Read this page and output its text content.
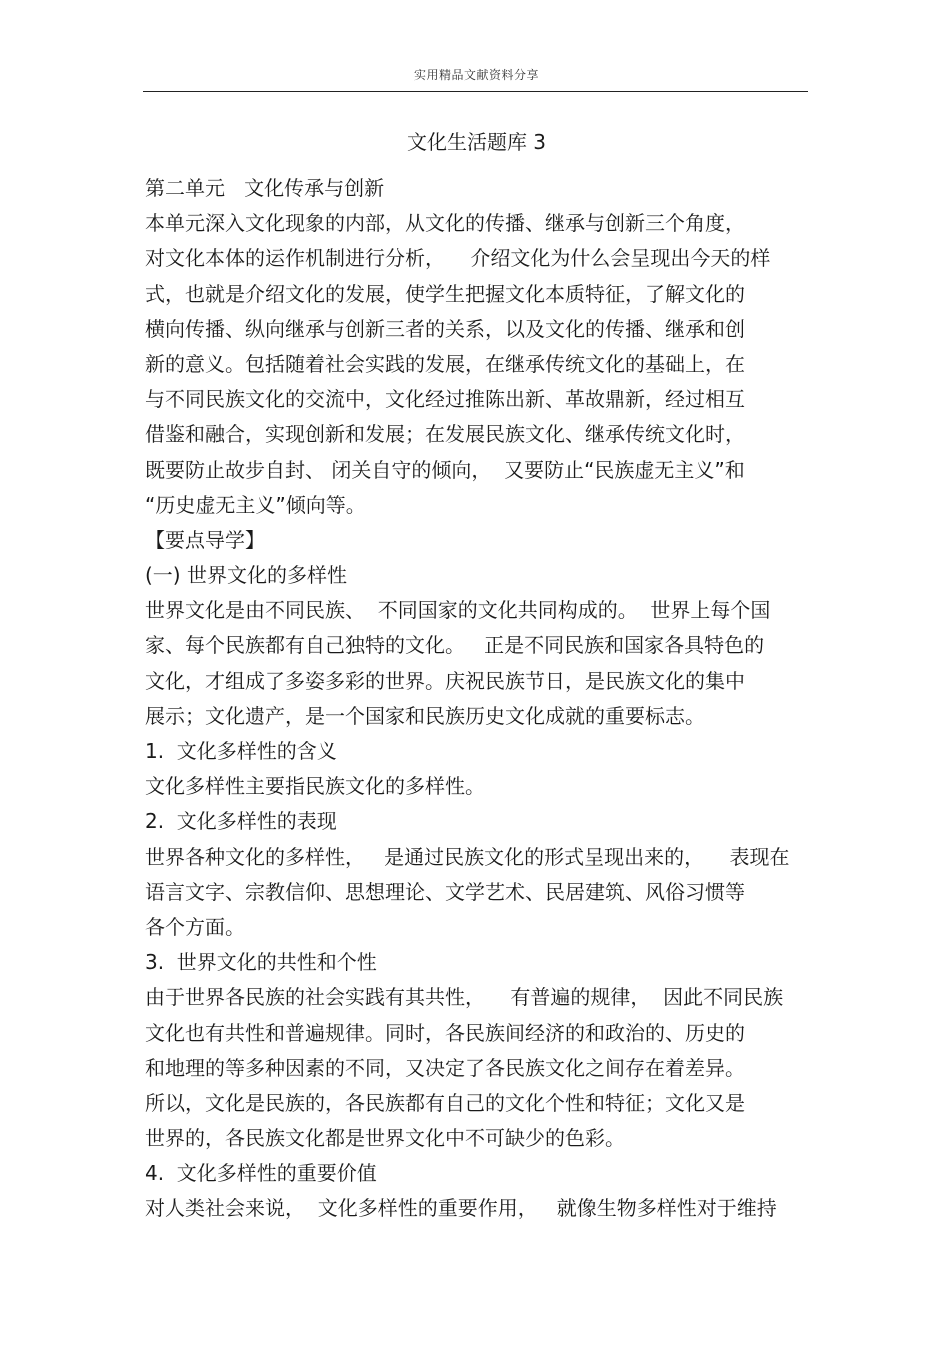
实用精品文献资料分享
文化生活题库 3
第二单元   文化传承与创新
本单元深入文化现象的内部，从文化的传播、继承与创新三个角度，
对文化本体的运作机制进行分析，    介绍文化为什么会呈现出今天的样
式，也就是介绍文化的发展，使学生把握文化本质特征，了解文化的
横向传播、纵向继承与创新三者的关系，以及文化的传播、继承和创
新的意义。包括随着社会实践的发展，在继承传统文化的基础上，在
与不同民族文化的交流中，文化经过推陈出新、革故鼎新，经过相互
借鉴和融合，实现创新和发展；在发展民族文化、继承传统文化时，
既要防止故步自封、 闭关自守的倾向，  又要防止“民族虚无主义”和
“历史虚无主义”倾向等。
【要点导学】
(一) 世界文化的多样性
世界文化是由不同民族、  不同国家的文化共同构成的。  世界上每个国
家、每个民族都有自己独特的文化。   正是不同民族和国家各具特色的
文化，才组成了多姿多彩的世界。庆祝民族节日，是民族文化的集中
展示；文化遗产，是一个国家和民族历史文化成就的重要标志。
1.  文化多样性的含义
文化多样性主要指民族文化的多样性。
2.  文化多样性的表现
世界各种文化的多样性，   是通过民族文化的形式呈现出来的，    表现在
语言文字、宗教信仰、思想理论、文学艺术、民居建筑、风俗习惯等
各个方面。
3.  世界文化的共性和个性
由于世界各民族的社会实践有其共性，    有普遍的规律，  因此不同民族
文化也有共性和普遍规律。同时，各民族间经济的和政治的、历史的
和地理的等多种因素的不同，又决定了各民族文化之间存在着差异。
所以，文化是民族的，各民族都有自己的文化个性和特征；文化又是
世界的，各民族文化都是世界文化中不可缺少的色彩。
4.  文化多样性的重要价值
对人类社会来说，  文化多样性的重要作用，   就像生物多样性对于维持
